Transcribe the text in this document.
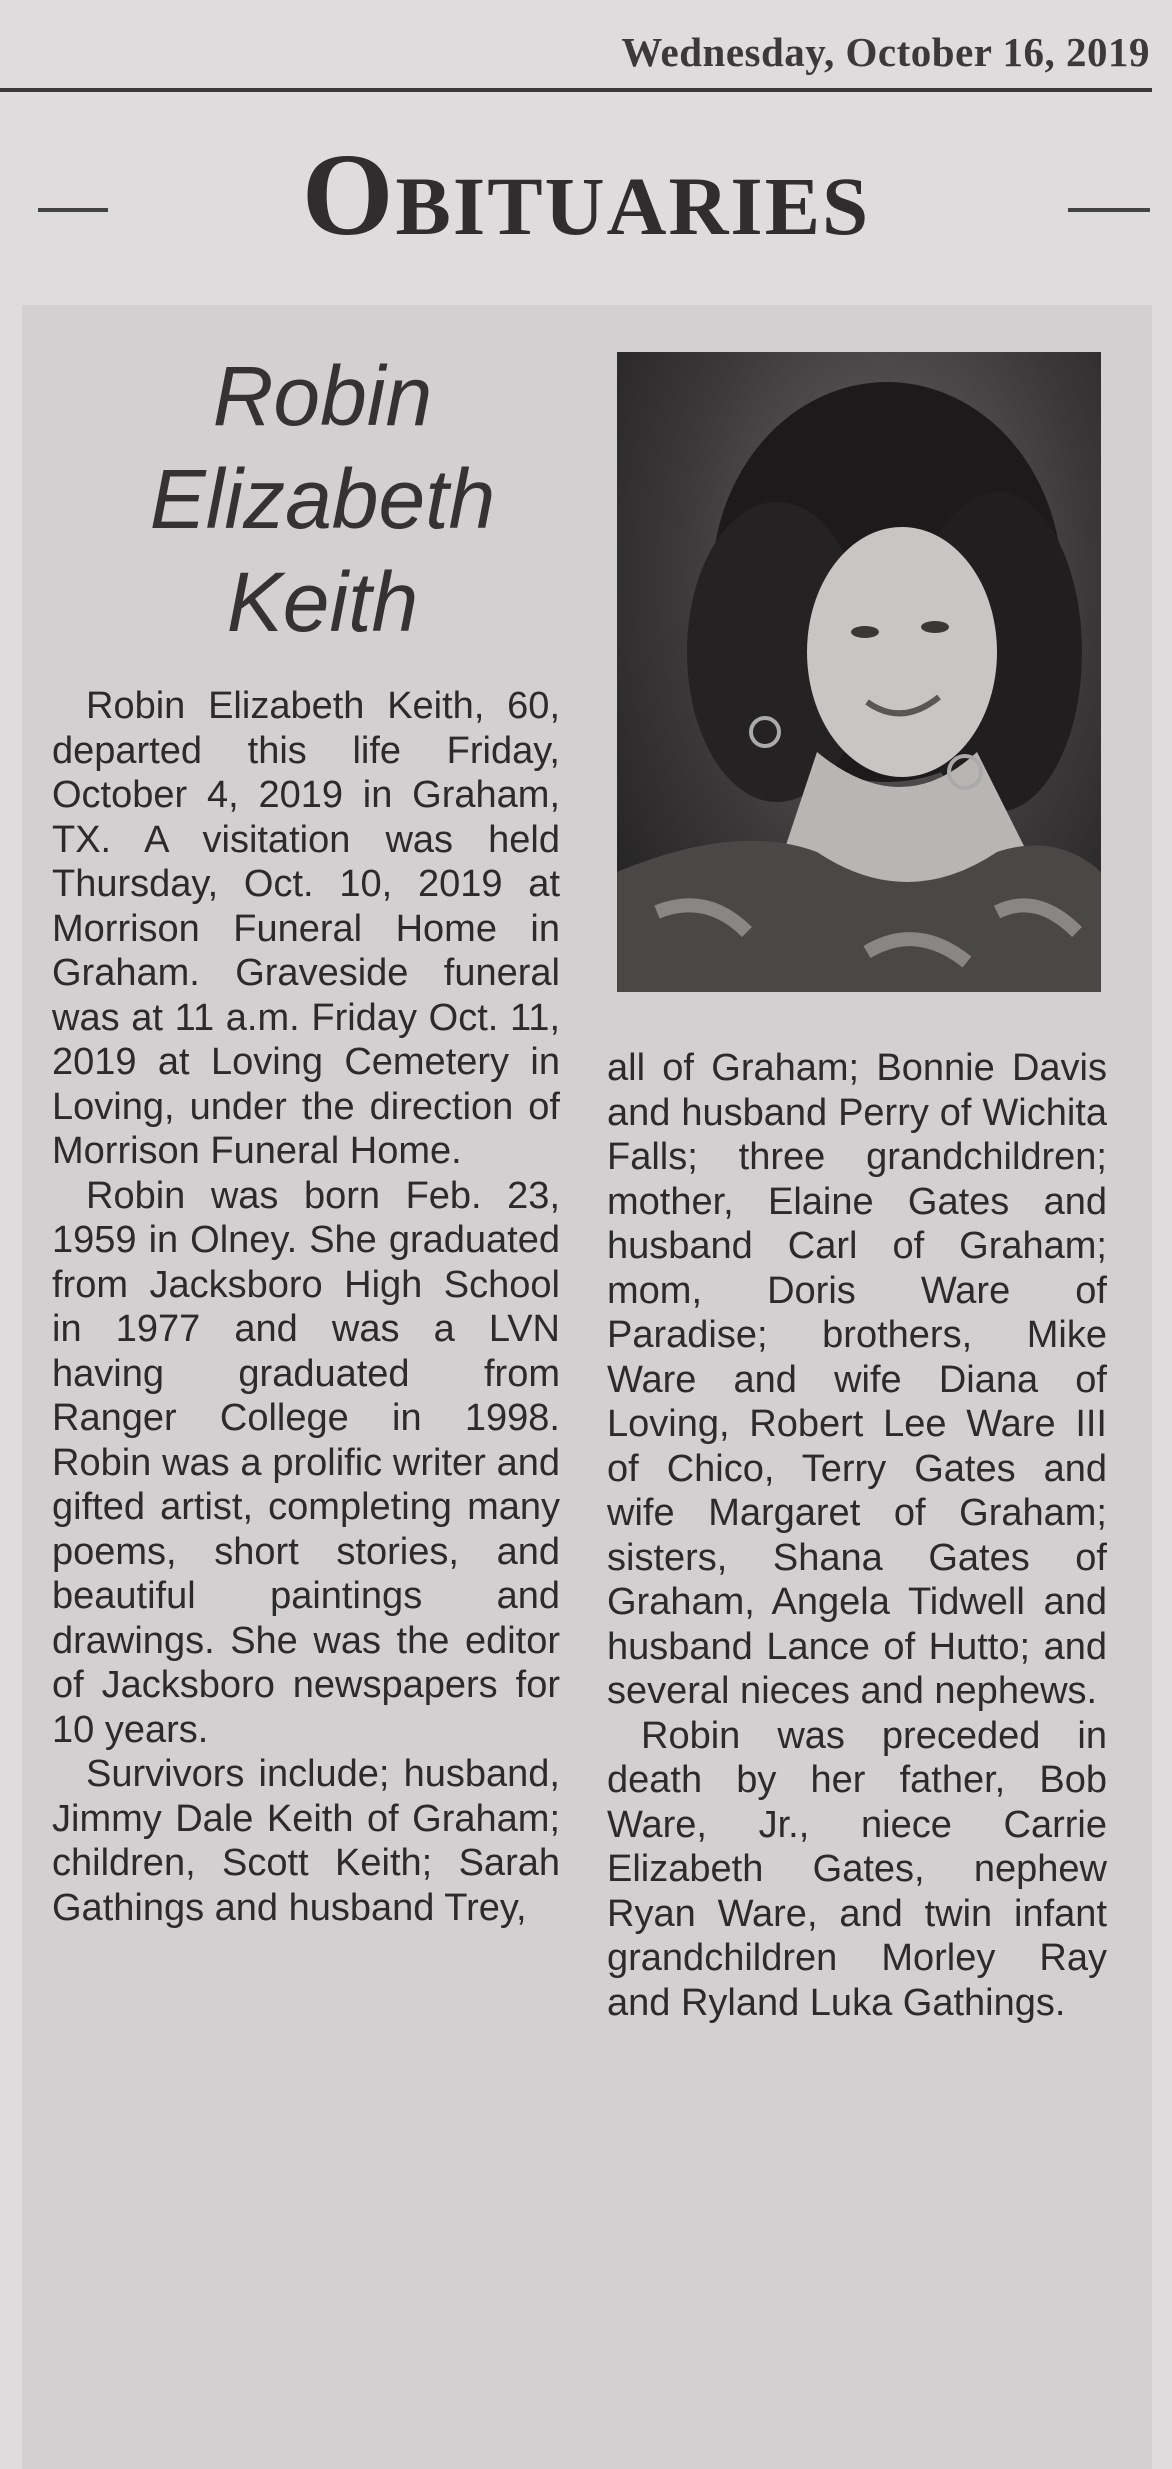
Wednesday, October 16, 2019
Obituaries
Robin
Elizabeth
Keith

Robin Elizabeth Keith, 60, departed this life Friday, October 4, 2019 in Graham, TX. A visitation was held Thursday, Oct. 10, 2019 at Morrison Funeral Home in Graham. Graveside funeral was at 11 a.m. Friday Oct. 11, 2019 at Loving Cemetery in Loving, under the direction of Morrison Funeral Home.

Robin was born Feb. 23, 1959 in Olney. She graduated from Jacksboro High School in 1977 and was a LVN having graduated from Ranger College in 1998. Robin was a prolific writer and gifted artist, completing many poems, short stories, and beautiful paintings and drawings. She was the editor of Jacksboro newspapers for 10 years.

Survivors include; husband, Jimmy Dale Keith of Graham; children, Scott Keith; Sarah Gathings and husband Trey,

all of Graham; Bonnie Davis and husband Perry of Wichita Falls; three grandchildren; mother, Elaine Gates and husband Carl of Graham; mom, Doris Ware of Paradise; brothers, Mike Ware and wife Diana of Loving, Robert Lee Ware III of Chico, Terry Gates and wife Margaret of Graham; sisters, Shana Gates of Graham, Angela Tidwell and husband Lance of Hutto; and several nieces and nephews.

Robin was preceded in death by her father, Bob Ware, Jr., niece Carrie Elizabeth Gates, nephew Ryan Ware, and twin infant grandchildren Morley Ray and Ryland Luka Gathings.
